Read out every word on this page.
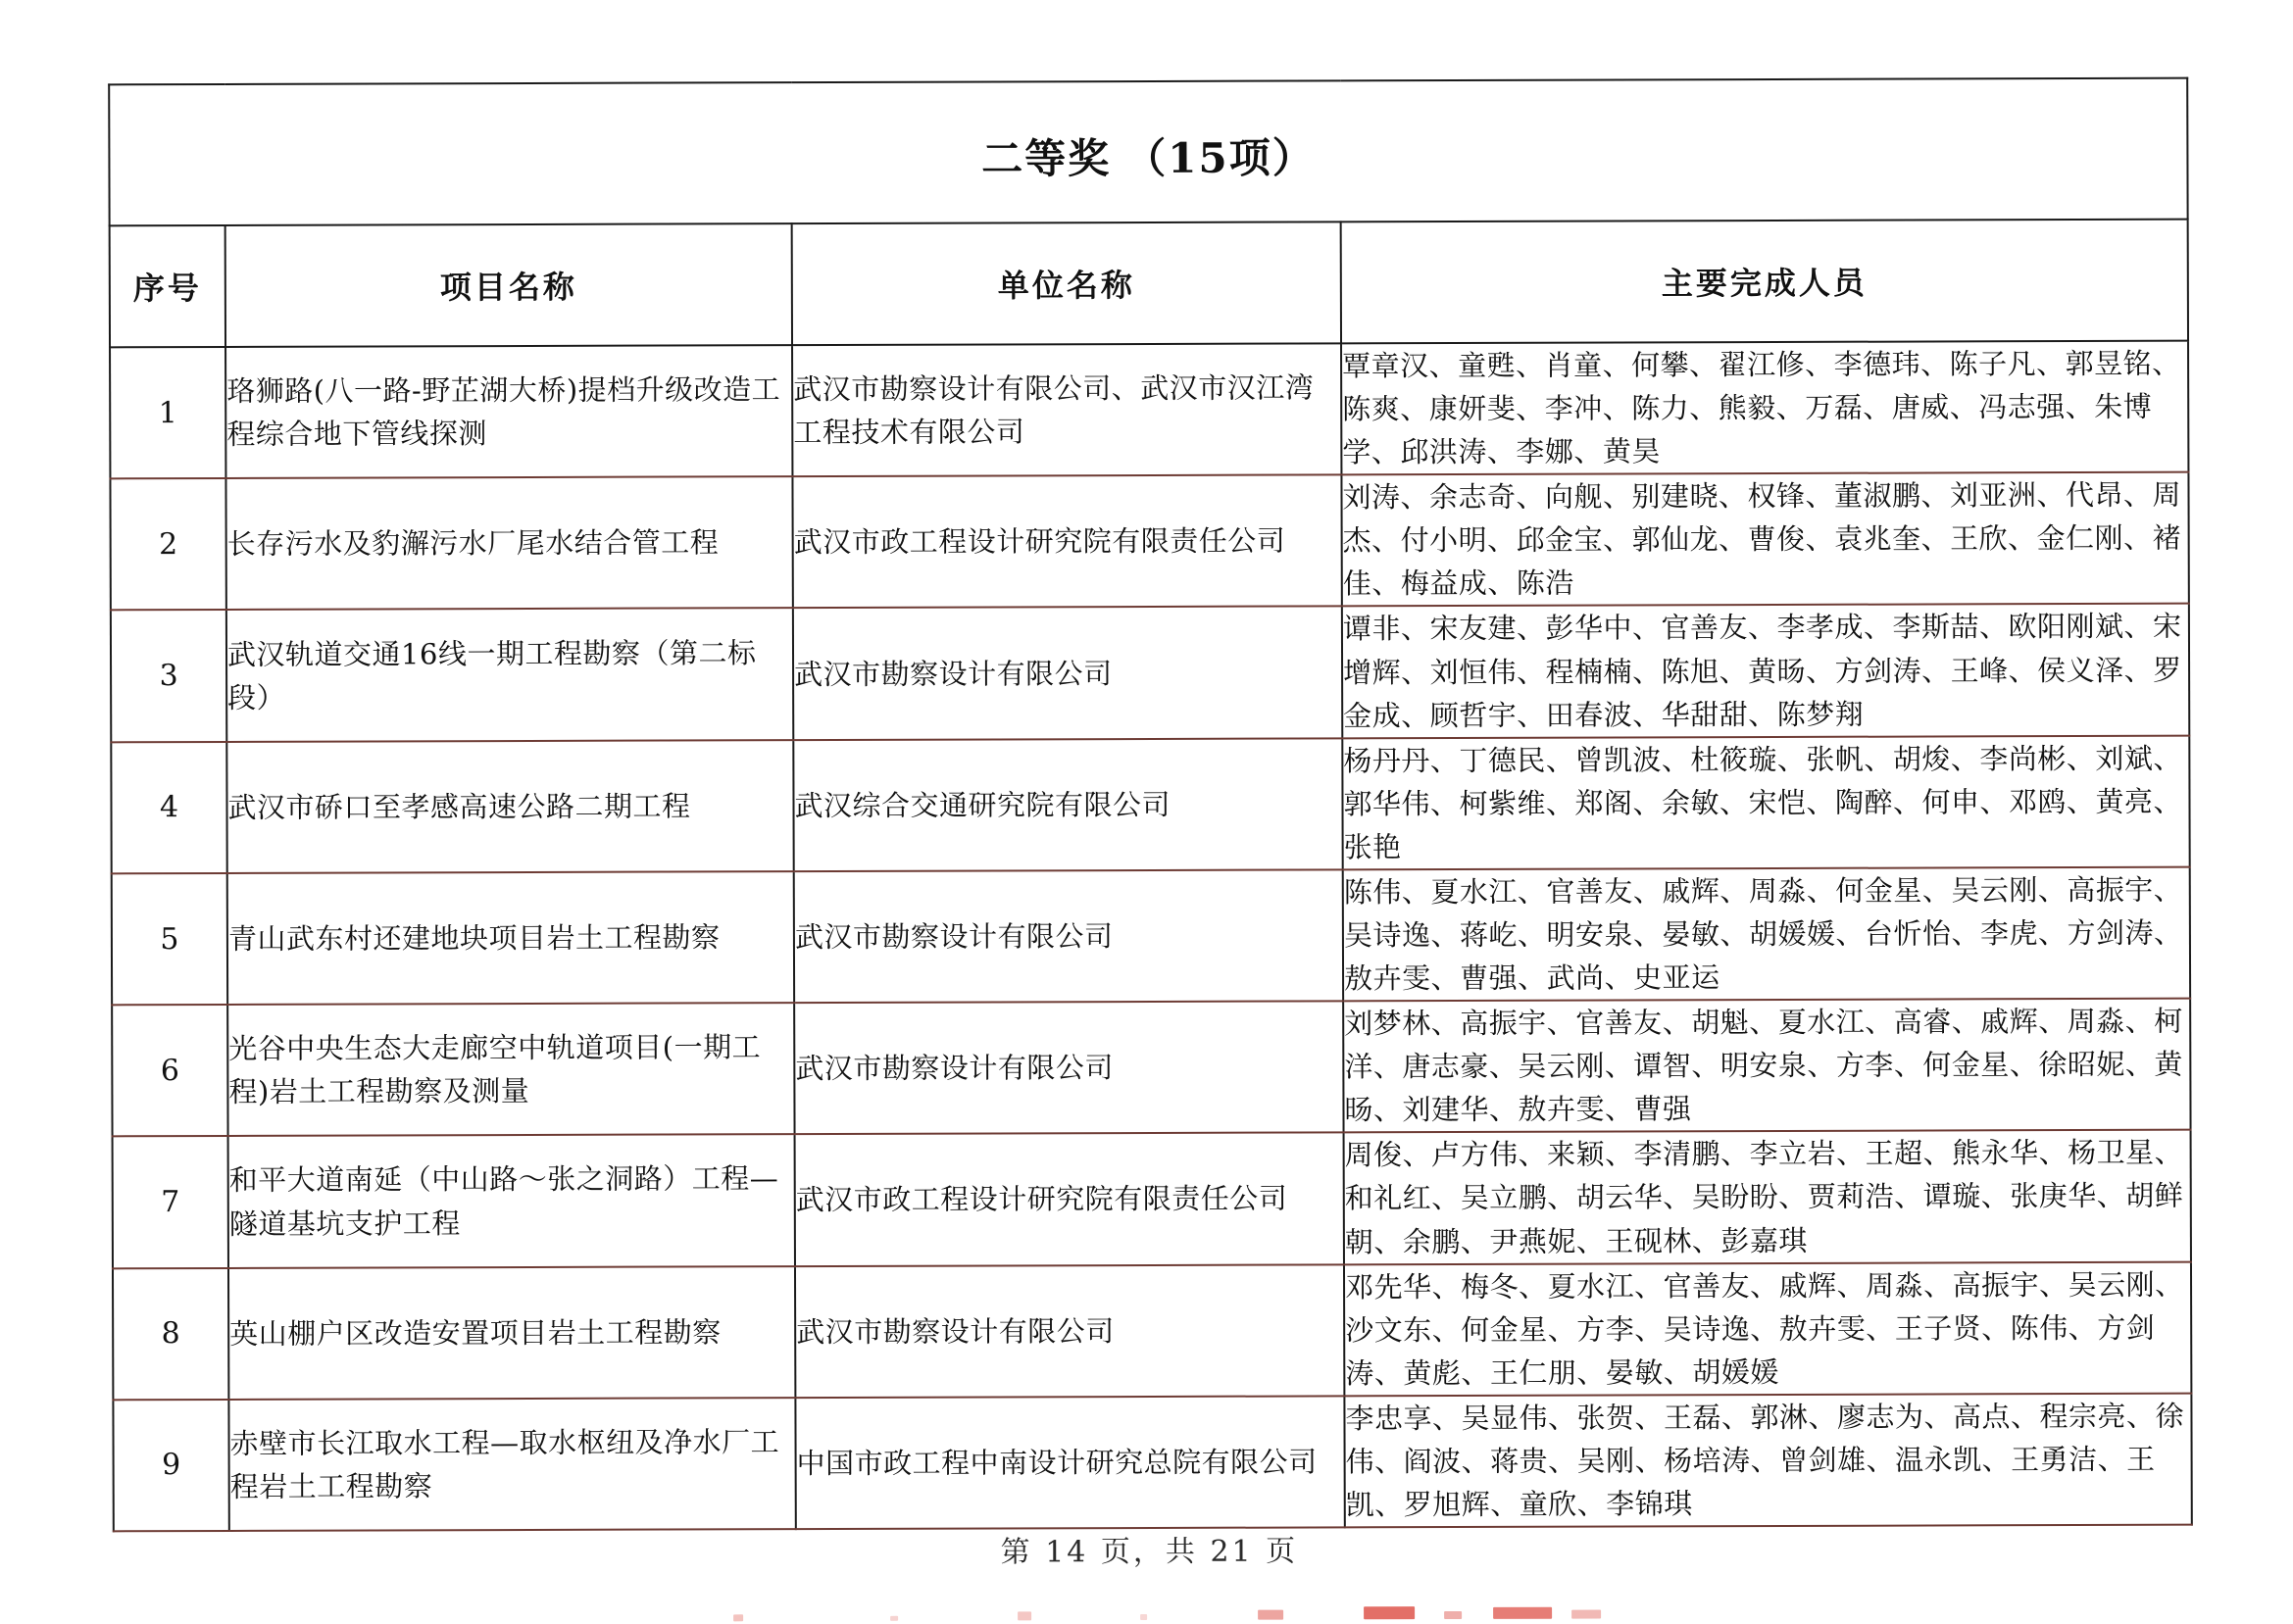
二等奖 （15项）			
序号	项目名称	单位名称	主要完成人员
1	珞狮路(八一路-野芷湖大桥)提档升级改造工程综合地下管线探测	武汉市勘察设计有限公司、武汉市汉江湾工程技术有限公司	覃章汉、童甦、肖童、何攀、翟江修、李德玮、陈子凡、郭昱铭、陈爽、康妍斐、李冲、陈力、熊毅、万磊、唐威、冯志强、朱博学、邱洪涛、李娜、黄昊
2	长存污水及豹澥污水厂尾水结合管工程	武汉市政工程设计研究院有限责任公司	刘涛、余志奇、向舰、别建晓、权锋、董淑鹏、刘亚洲、代昂、周杰、付小明、邱金宝、郭仙龙、曹俊、袁兆奎、王欣、金仁刚、褚佳、梅益成、陈浩
3	武汉轨道交通16线一期工程勘察（第二标段）	武汉市勘察设计有限公司	谭非、宋友建、彭华中、官善友、李孝成、李斯喆、欧阳刚斌、宋增辉、刘恒伟、程楠楠、陈旭、黄旸、方剑涛、王峰、侯义泽、罗金成、顾哲宇、田春波、华甜甜、陈梦翔
4	武汉市硚口至孝感高速公路二期工程	武汉综合交通研究院有限公司	杨丹丹、丁德民、曾凯波、杜筱璇、张帆、胡焌、李尚彬、刘斌、郭华伟、柯紫维、郑阁、余敏、宋恺、陶醉、何申、邓鸥、黄亮、张艳
5	青山武东村还建地块项目岩土工程勘察	武汉市勘察设计有限公司	陈伟、夏水江、官善友、戚辉、周淼、何金星、吴云刚、高振宇、吴诗逸、蒋屹、明安泉、晏敏、胡媛媛、台忻怡、李虎、方剑涛、敖卉雯、曹强、武尚、史亚运
6	光谷中央生态大走廊空中轨道项目(一期工程)岩土工程勘察及测量	武汉市勘察设计有限公司	刘梦林、高振宇、官善友、胡魁、夏水江、高睿、戚辉、周淼、柯洋、唐志豪、吴云刚、谭智、明安泉、方李、何金星、徐昭妮、黄旸、刘建华、敖卉雯、曹强
7	和平大道南延（中山路～张之洞路）工程—隧道基坑支护工程	武汉市政工程设计研究院有限责任公司	周俊、卢方伟、来颖、李清鹏、李立岩、王超、熊永华、杨卫星、和礼红、吴立鹏、胡云华、吴盼盼、贾莉浩、谭璇、张庚华、胡鲜朝、余鹏、尹燕妮、王砚林、彭嘉琪
8	英山棚户区改造安置项目岩土工程勘察	武汉市勘察设计有限公司	邓先华、梅冬、夏水江、官善友、戚辉、周淼、高振宇、吴云刚、沙文东、何金星、方李、吴诗逸、敖卉雯、王子贤、陈伟、方剑涛、黄彪、王仁朋、晏敏、胡媛媛
9	赤壁市长江取水工程—取水枢纽及净水厂工程岩土工程勘察	中国市政工程中南设计研究总院有限公司	李忠享、吴显伟、张贺、王磊、郭淋、廖志为、高点、程宗亮、徐伟、阎波、蒋贵、吴刚、杨培涛、曾剑雄、温永凯、王勇洁、王凯、罗旭辉、童欣、李锦琪
第 14 页，共 21 页
